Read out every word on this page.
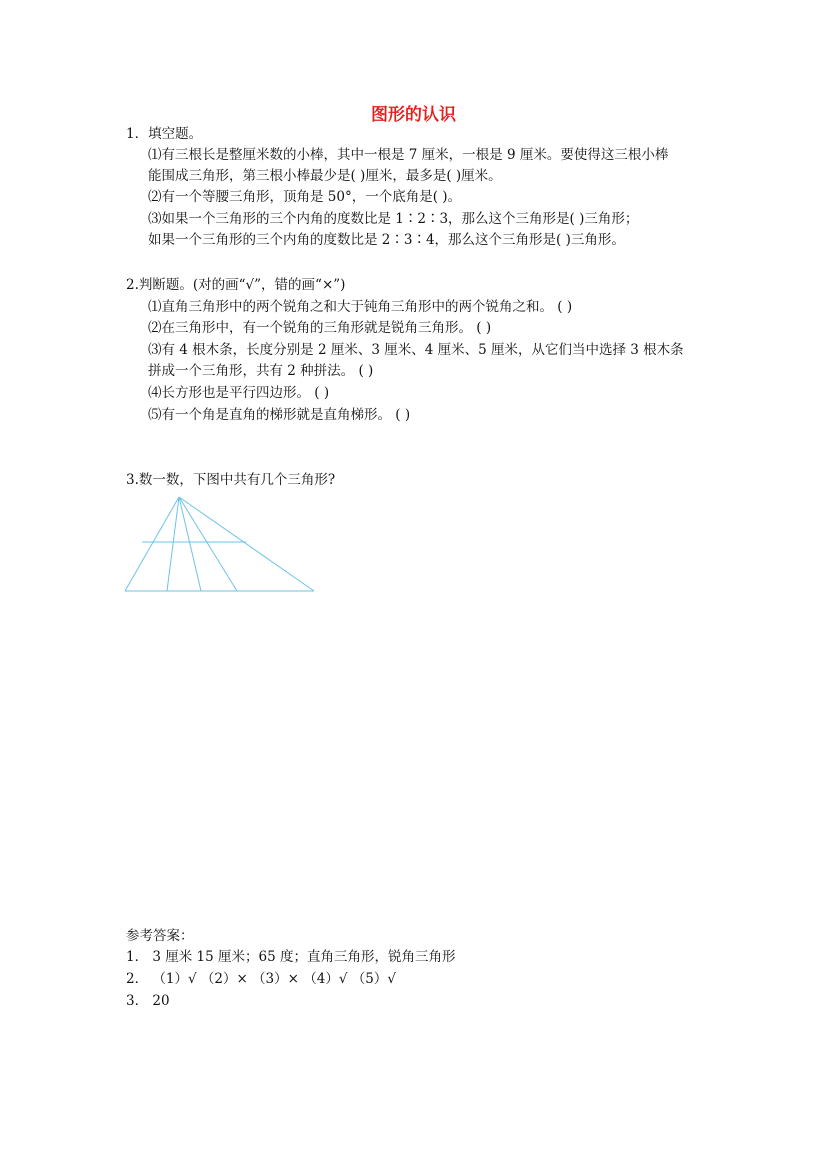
图形的认识
1．填空题。
⑴有三根长是整厘米数的小棒，其中一根是 7 厘米，一根是 9 厘米。要使得这三根小棒
能围成三角形，第三根小棒最少是( )厘米，最多是( )厘米。
⑵有一个等腰三角形，顶角是 50°，一个底角是( )。
⑶如果一个三角形的三个内角的度数比是 1∶2∶3，那么这个三角形是( )三角形；
如果一个三角形的三个内角的度数比是 2∶3∶4，那么这个三角形是( )三角形。
2.判断题。(对的画“√”，错的画“×”)
⑴直角三角形中的两个锐角之和大于钝角三角形中的两个锐角之和。 ( )
⑵在三角形中，有一个锐角的三角形就是锐角三角形。 ( )
⑶有 4 根木条，长度分别是 2 厘米、3 厘米、4 厘米、5 厘米，从它们当中选择 3 根木条
拼成一个三角形，共有 2 种拼法。 ( )
⑷长方形也是平行四边形。 ( )
⑸有一个角是直角的梯形就是直角梯形。 ( )
3.数一数，下图中共有几个三角形?
参考答案：
1． 3 厘米 15 厘米；65 度；直角三角形，锐角三角形
2． （1）√ （2）× （3）× （4）√ （5）√
3． 20
